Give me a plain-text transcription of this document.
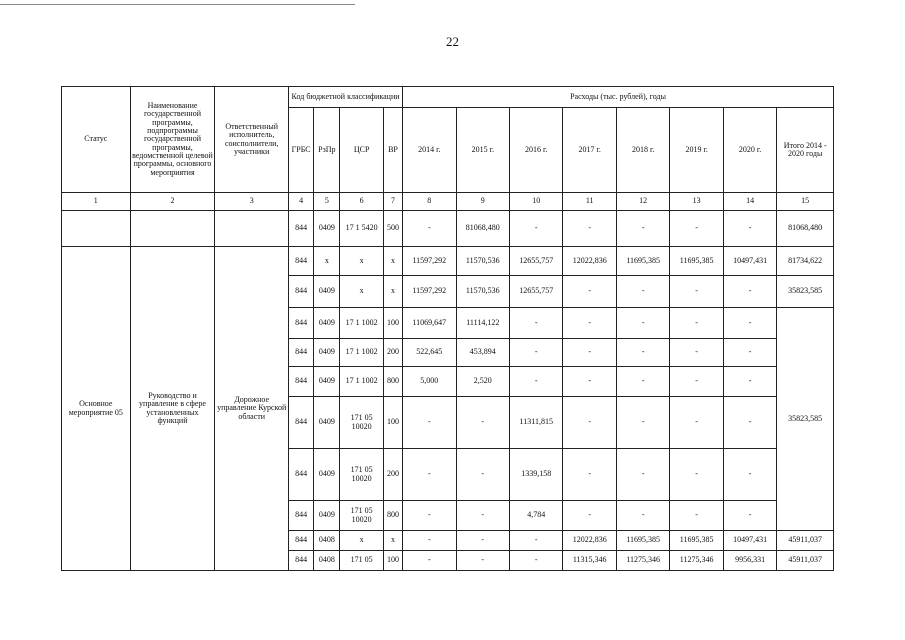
22
Статус	Наименование государственной программы, подпрограммы государственной программы, ведомственной целевой программы, основного мероприятия	Ответственный исполнитель, соисполнители, участники	Код бюджетной классификации				Расходы (тыс. рублей), годы							
			ГРБС	РзПр	ЦСР	ВР	2014 г.	2015 г.	2016 г.	2017 г.	2018 г.	2019 г.	2020 г.	Итого 2014 - 2020 годы
1	2	3	4	5	6	7	8	9	10	11	12	13	14	15
			844	0409	17 1 5420	500	-	81068,480	-	-	-	-	-	81068,480
Основное мероприятие 05	Руководство и управление в сфере установленных функций	Дорожное управление Курской области	844	х	х	х	11597,292	11570,536	12655,757	12022,836	11695,385	11695,385	10497,431	81734,622
			844	0409	х	х	11597,292	11570,536	12655,757	-	-	-	-	35823,585
			844	0409	17 1 1002	100	11069,647	11114,122	-	-	-	-	-	35823,585
			844	0409	17 1 1002	200	522,645	453,894	-	-	-	-	-	
			844	0409	17 1 1002	800	5,000	2,520	-	-	-	-	-	
			844	0409	171 05 10020	100	-	-	11311,815	-	-	-	-	
			844	0409	171 05 10020	200	-	-	1339,158	-	-	-	-	
			844	0409	171 05 10020	800	-	-	4,784	-	-	-	-	
			844	0408	х	х	-	-	-	12022,836	11695,385	11695,385	10497,431	45911,037
			844	0408	171 05	100	-	-	-	11315,346	11275,346	11275,346	9956,331	45911,037
